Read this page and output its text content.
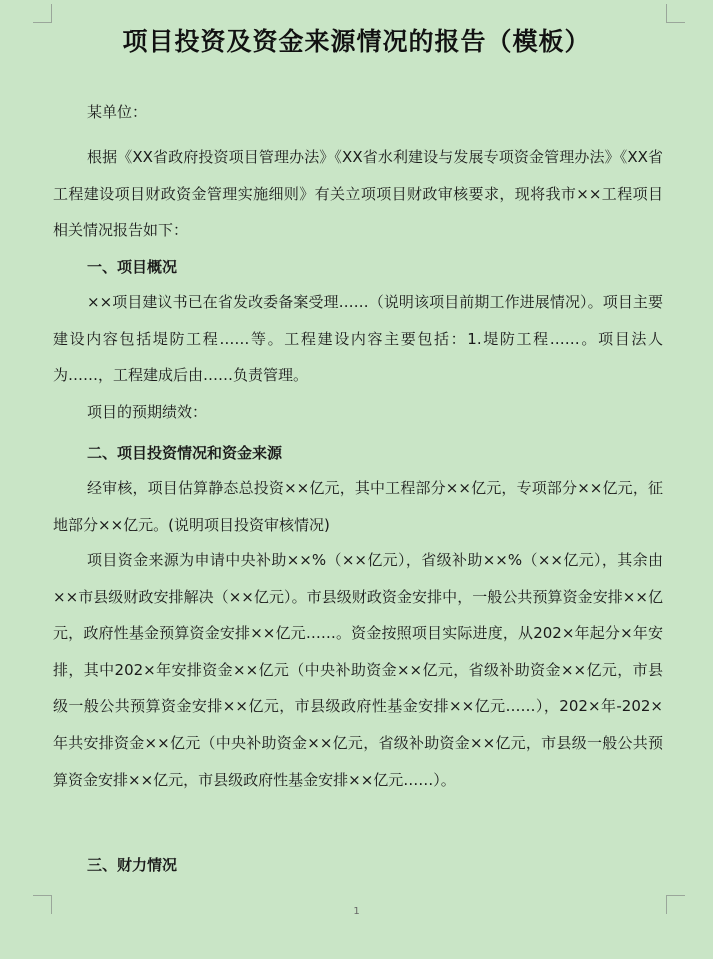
项目投资及资金来源情况的报告（模板）

某单位：

根据《XX省政府投资项目管理办法》《XX省水利建设与发展专项资金管理办法》《XX省工程建设项目财政资金管理实施细则》有关立项项目财政审核要求，现将我市××工程项目相关情况报告如下：

一、项目概况

××项目建议书已在省发改委备案受理……（说明该项目前期工作进展情况）。项目主要建设内容包括堤防工程……等。工程建设内容主要包括：1.堤防工程……。项目法人为……，工程建成后由……负责管理。

项目的预期绩效：

二、项目投资情况和资金来源

经审核，项目估算静态总投资××亿元，其中工程部分××亿元，专项部分××亿元，征地部分××亿元。(说明项目投资审核情况)

项目资金来源为申请中央补助××%（××亿元），省级补助××%（××亿元），其余由××市县级财政安排解决（××亿元）。市县级财政资金安排中，一般公共预算资金安排××亿元，政府性基金预算资金安排××亿元……。资金按照项目实际进度，从202×年起分×年安排，其中202×年安排资金××亿元（中央补助资金××亿元，省级补助资金××亿元，市县级一般公共预算资金安排××亿元，市县级政府性基金安排××亿元……），202×年-202×年共安排资金××亿元（中央补助资金××亿元，省级补助资金××亿元，市县级一般公共预算资金安排××亿元，市县级政府性基金安排××亿元……）。

三、财力情况

1
